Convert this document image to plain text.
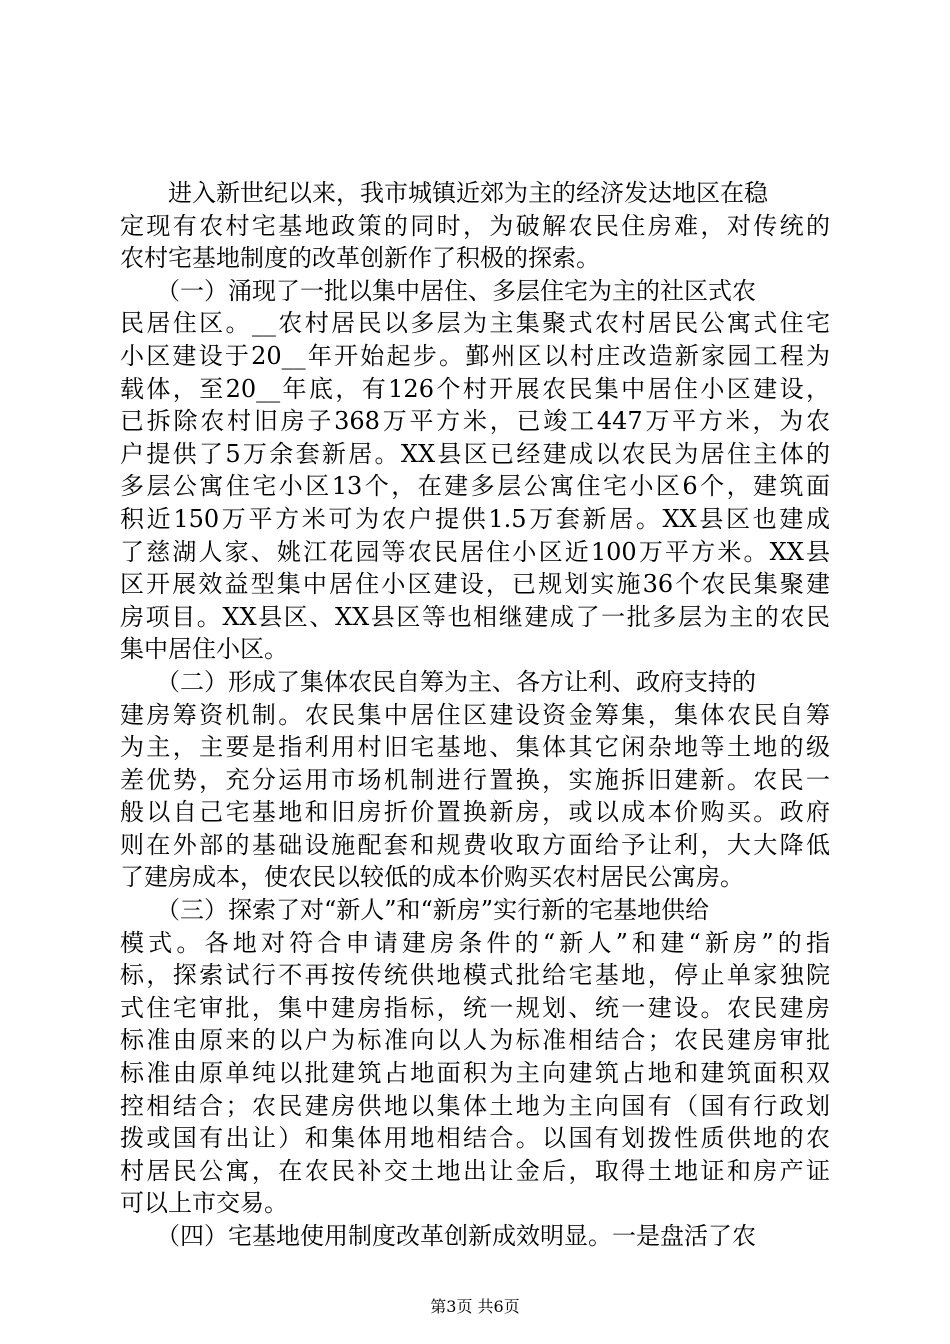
　　进入新世纪以来，我市城镇近郊为主的经济发达地区在稳
定现有农村宅基地政策的同时，为破解农民住房难，对传统的
农村宅基地制度的改革创新作了积极的探索。
　　（一）涌现了一批以集中居住、多层住宅为主的社区式农
民居住区。__农村居民以多层为主集聚式农村居民公寓式住宅
小区建设于20__年开始起步。鄞州区以村庄改造新家园工程为
载体，至20__年底，有126个村开展农民集中居住小区建设，
已拆除农村旧房子368万平方米，已竣工447万平方米，为农
户提供了5万余套新居。XX县区已经建成以农民为居住主体的
多层公寓住宅小区13个，在建多层公寓住宅小区6个，建筑面
积近150万平方米可为农户提供1.5万套新居。XX县区也建成
了慈湖人家、姚江花园等农民居住小区近100万平方米。XX县
区开展效益型集中居住小区建设，已规划实施36个农民集聚建
房项目。XX县区、XX县区等也相继建成了一批多层为主的农民
集中居住小区。
　　（二）形成了集体农民自筹为主、各方让利、政府支持的
建房筹资机制。农民集中居住区建设资金筹集，集体农民自筹
为主，主要是指利用村旧宅基地、集体其它闲杂地等土地的级
差优势，充分运用市场机制进行置换，实施拆旧建新。农民一
般以自己宅基地和旧房折价置换新房，或以成本价购买。政府
则在外部的基础设施配套和规费收取方面给予让利，大大降低
了建房成本，使农民以较低的成本价购买农村居民公寓房。
　　（三）探索了对“新人”和“新房”实行新的宅基地供给
模式。各地对符合申请建房条件的“新人”和建“新房”的指
标，探索试行不再按传统供地模式批给宅基地，停止单家独院
式住宅审批，集中建房指标，统一规划、统一建设。农民建房
标准由原来的以户为标准向以人为标准相结合；农民建房审批
标准由原单纯以批建筑占地面积为主向建筑占地和建筑面积双
控相结合；农民建房供地以集体土地为主向国有（国有行政划
拨或国有出让）和集体用地相结合。以国有划拨性质供地的农
村居民公寓，在农民补交土地出让金后，取得土地证和房产证
可以上市交易。
　　（四）宅基地使用制度改革创新成效明显。一是盘活了农
第3页 共6页
